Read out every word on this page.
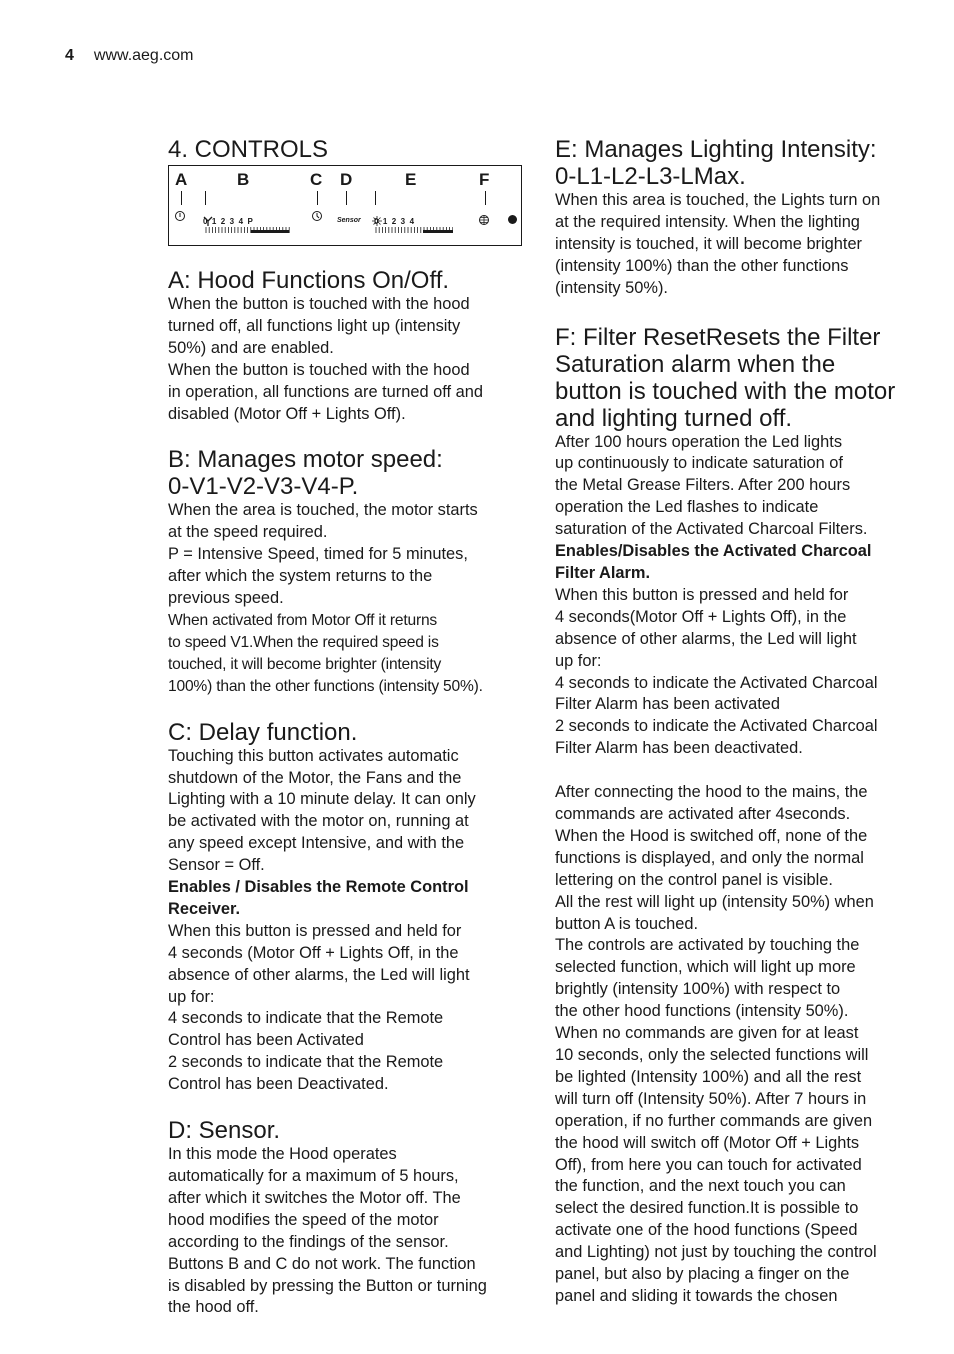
4 www.aeg.com
4. CONTROLS
A	B	C D	E	F
0  1  2  3  4  P	Sensor 0  1  2  3  4
A: Hood Functions On/Off.

When the button is touched with the hood

turned off, all functions light up (intensity

50%) and are enabled.

When the button is touched with the hood

in operation, all functions are turned off and

disabled (Motor Off + Lights Off).

B: Manages motor speed:
0-V1-V2-V3-V4-P.

When the area is touched, the motor starts

at the speed required.

P = Intensive Speed, timed for 5 minutes,

after which the system returns to the

previous speed.

When activated from Motor Off it returns

to speed V1.When the required speed is

touched, it will become brighter (intensity

100%) than the other functions (intensity 50%).

C: Delay function.

Touching this button activates automatic

shutdown of the Motor, the Fans and the

Lighting with a 10 minute delay. It can only

be activated with the motor on, running at

any speed except Intensive, and with the

Sensor = Off.

Enables / Disables the Remote Control

Receiver.

When this button is pressed and held for

4 seconds (Motor Off + Lights Off, in the

absence of other alarms, the Led will light

up for:

4 seconds to indicate that the Remote

Control has been Activated

2 seconds to indicate that the Remote

Control has been Deactivated.

D: Sensor.

In this mode the Hood operates

automatically for a maximum of 5 hours,

after which it switches the Motor off. The

hood modifies the speed of the motor

according to the findings of the sensor.

Buttons B and C do not work. The function

is disabled by pressing the Button or turning

the hood off.

E: Manages Lighting Intensity:
0-L1-L2-L3-LMax.

When this area is touched, the Lights turn on

at the required intensity. When the lighting

intensity is touched, it will become brighter

(intensity 100%) than the other functions

(intensity 50%).

F: Filter ResetResets the Filter
Saturation alarm when the
button is touched with the motor
and lighting turned off.

After 100 hours operation the Led lights

up continuously to indicate saturation of

the Metal Grease Filters. After 200 hours

operation the Led flashes to indicate

saturation of the Activated Charcoal Filters.

Enables/Disables the Activated Charcoal

Filter Alarm.

When this button is pressed and held for

4 seconds(Motor Off + Lights Off), in the

absence of other alarms, the Led will light

up for:

4 seconds to indicate the Activated Charcoal

Filter Alarm has been activated

2 seconds to indicate the Activated Charcoal

Filter Alarm has been deactivated.

After connecting the hood to the mains, the

commands are activated after 4seconds.

When the Hood is switched off, none of the

functions is displayed, and only the normal

lettering on the control panel is visible.

All the rest will light up (intensity 50%) when

button A is touched.

The controls are activated by touching the

selected function, which will light up more

brightly (intensity 100%) with respect to

the other hood functions (intensity 50%).

When no commands are given for at least

10 seconds, only the selected functions will

be lighted (Intensity 100%) and all the rest

will turn off (Intensity 50%). After 7 hours in

operation, if no further commands are given

the hood will switch off (Motor Off + Lights

Off), from here you can touch for activated

the function, and the next touch you can

select the desired function.It is possible to

activate one of the hood functions (Speed

and Lighting) not just by touching the control

panel, but also by placing a finger on the

panel and sliding it towards the chosen
